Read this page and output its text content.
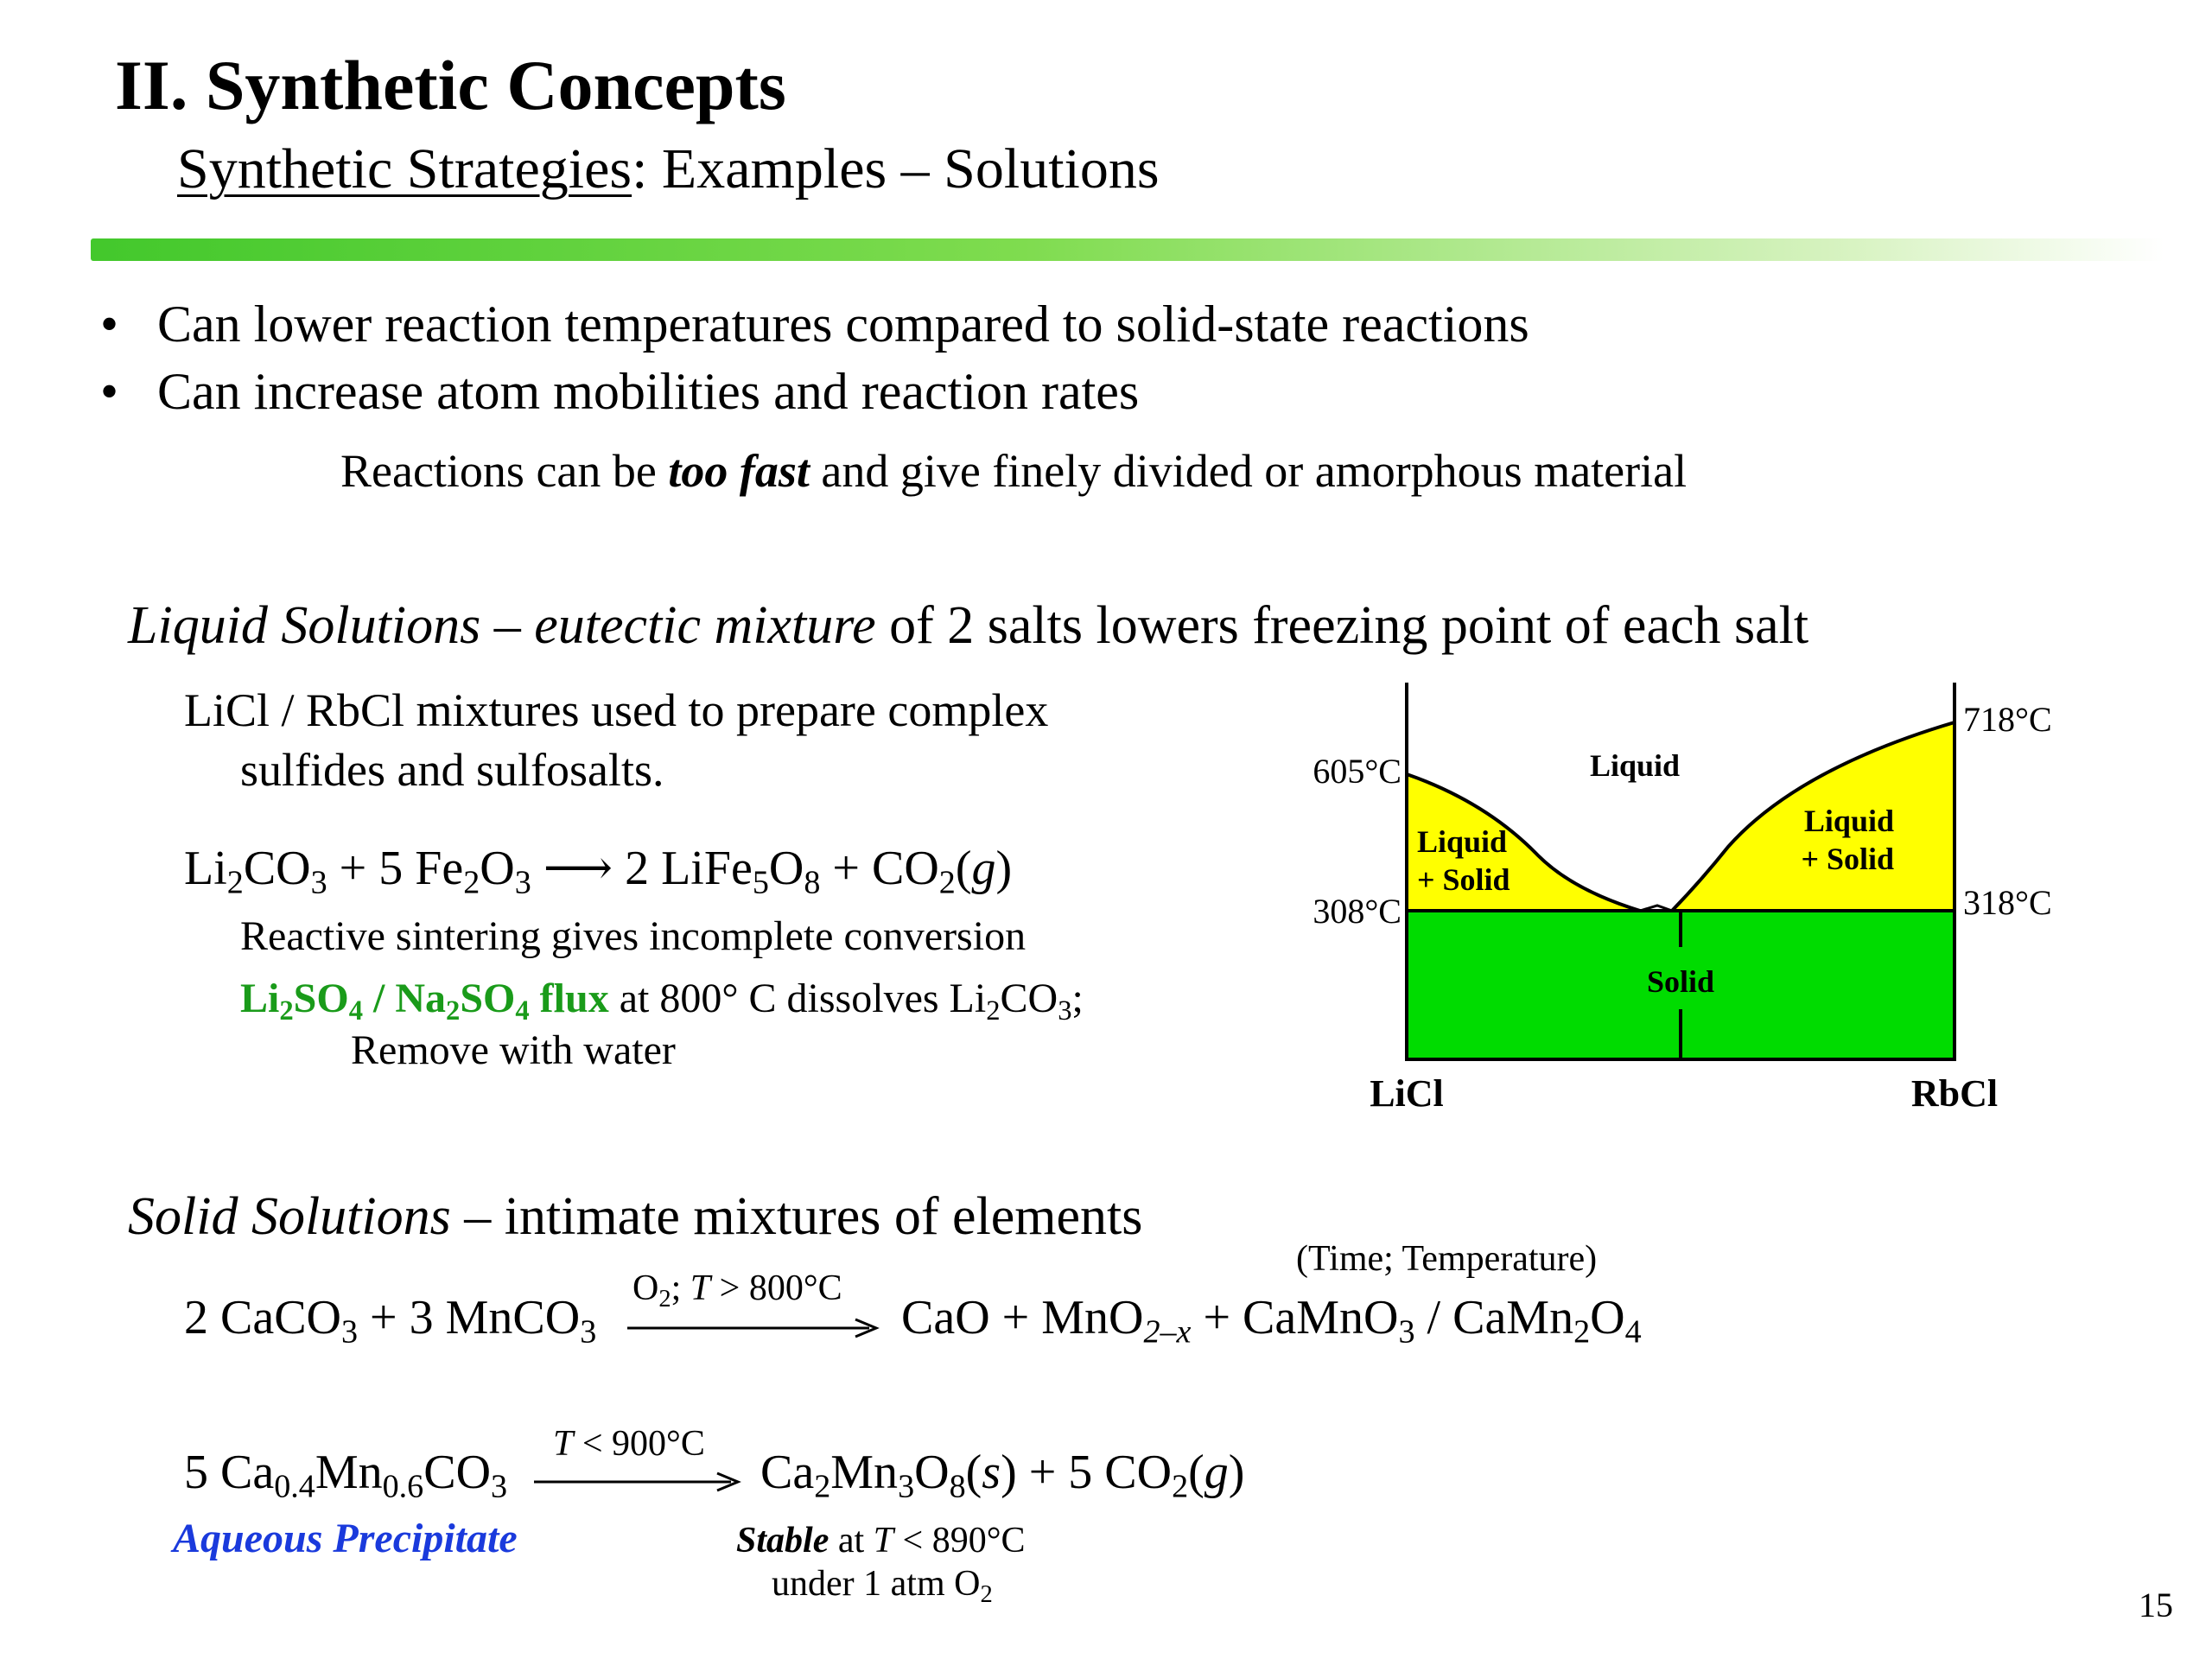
II. Synthetic Concepts
Synthetic Strategies: Examples – Solutions
• Can lower reaction temperatures compared to solid-state reactions
• Can increase atom mobilities and reaction rates
Reactions can be too fast and give finely divided or amorphous material
Liquid Solutions – eutectic mixture of 2 salts lowers freezing point of each salt
LiCl / RbCl mixtures used to prepare complex
sulfides and sulfosalts.
$Li_2CO_3 + 5$ $Fe_2O_3$ ⟶ 2 $LiFe_5O_8 + CO_2(g)$
Reactive sintering gives incomplete conversion
$Li_2SO_4 / Na_2SO_4$ flux at 800° C dissolves $Li_2CO_3$;
Remove with water
605°C
308°C
718°C
318°C
Liquid
Liquid
+ Solid
Liquid
+ Solid
Solid
LiCl	RbCl
Solid Solutions – intimate mixtures of elements
(Time; Temperature)
2 CaCO$_3$ + 3 MnCO$_3$
$O_2$; T > 800°C
CaO + MnO$_{2-x}$ + CaMnO$_3$ / $CaMn_2O_4$
5 $Ca_{0.4}Mn_{0.6}CO_3$
T < 900°C
$Ca_2Mn_3O_8(s) + 5$ $CO_2(g)$
Aqueous Precipitate	Stable at T < 890°C
under 1 atm $O_2$	15
